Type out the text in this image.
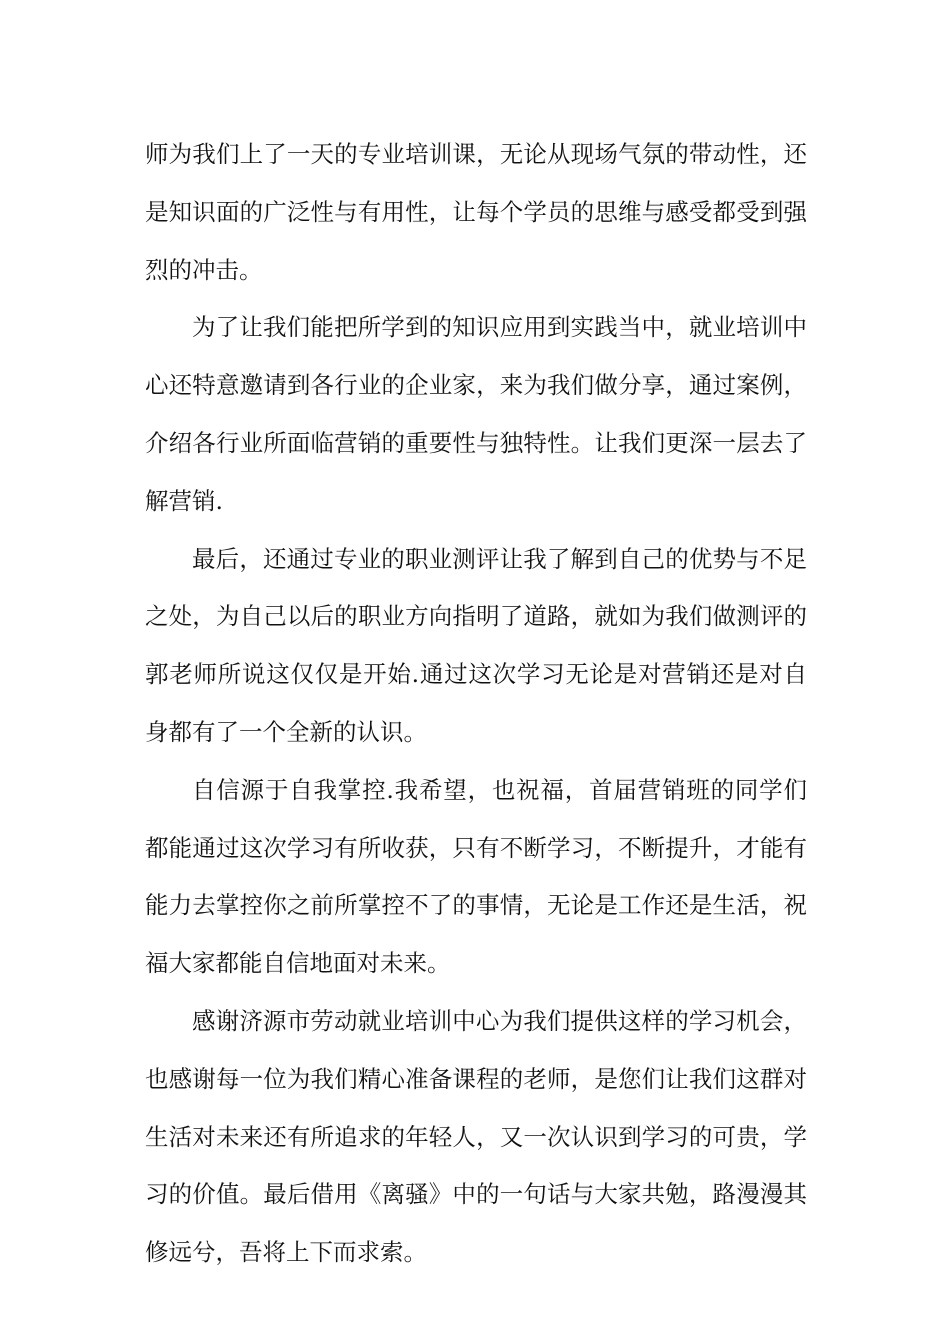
师为我们上了一天的专业培训课，无论从现场气氛的带动性，还是知识面的广泛性与有用性，让每个学员的思维与感受都受到强烈的冲击。

为了让我们能把所学到的知识应用到实践当中，就业培训中心还特意邀请到各行业的企业家，来为我们做分享，通过案例，介绍各行业所面临营销的重要性与独特性。让我们更深一层去了解营销.

最后，还通过专业的职业测评让我了解到自己的优势与不足之处，为自己以后的职业方向指明了道路，就如为我们做测评的郭老师所说这仅仅是开始.通过这次学习无论是对营销还是对自身都有了一个全新的认识。

自信源于自我掌控.我希望，也祝福，首届营销班的同学们都能通过这次学习有所收获，只有不断学习，不断提升，才能有能力去掌控你之前所掌控不了的事情，无论是工作还是生活，祝福大家都能自信地面对未来。

感谢济源市劳动就业培训中心为我们提供这样的学习机会，也感谢每一位为我们精心准备课程的老师，是您们让我们这群对生活对未来还有所追求的年轻人，又一次认识到学习的可贵，学习的价值。最后借用《离骚》中的一句话与大家共勉，路漫漫其修远兮，吾将上下而求索。
